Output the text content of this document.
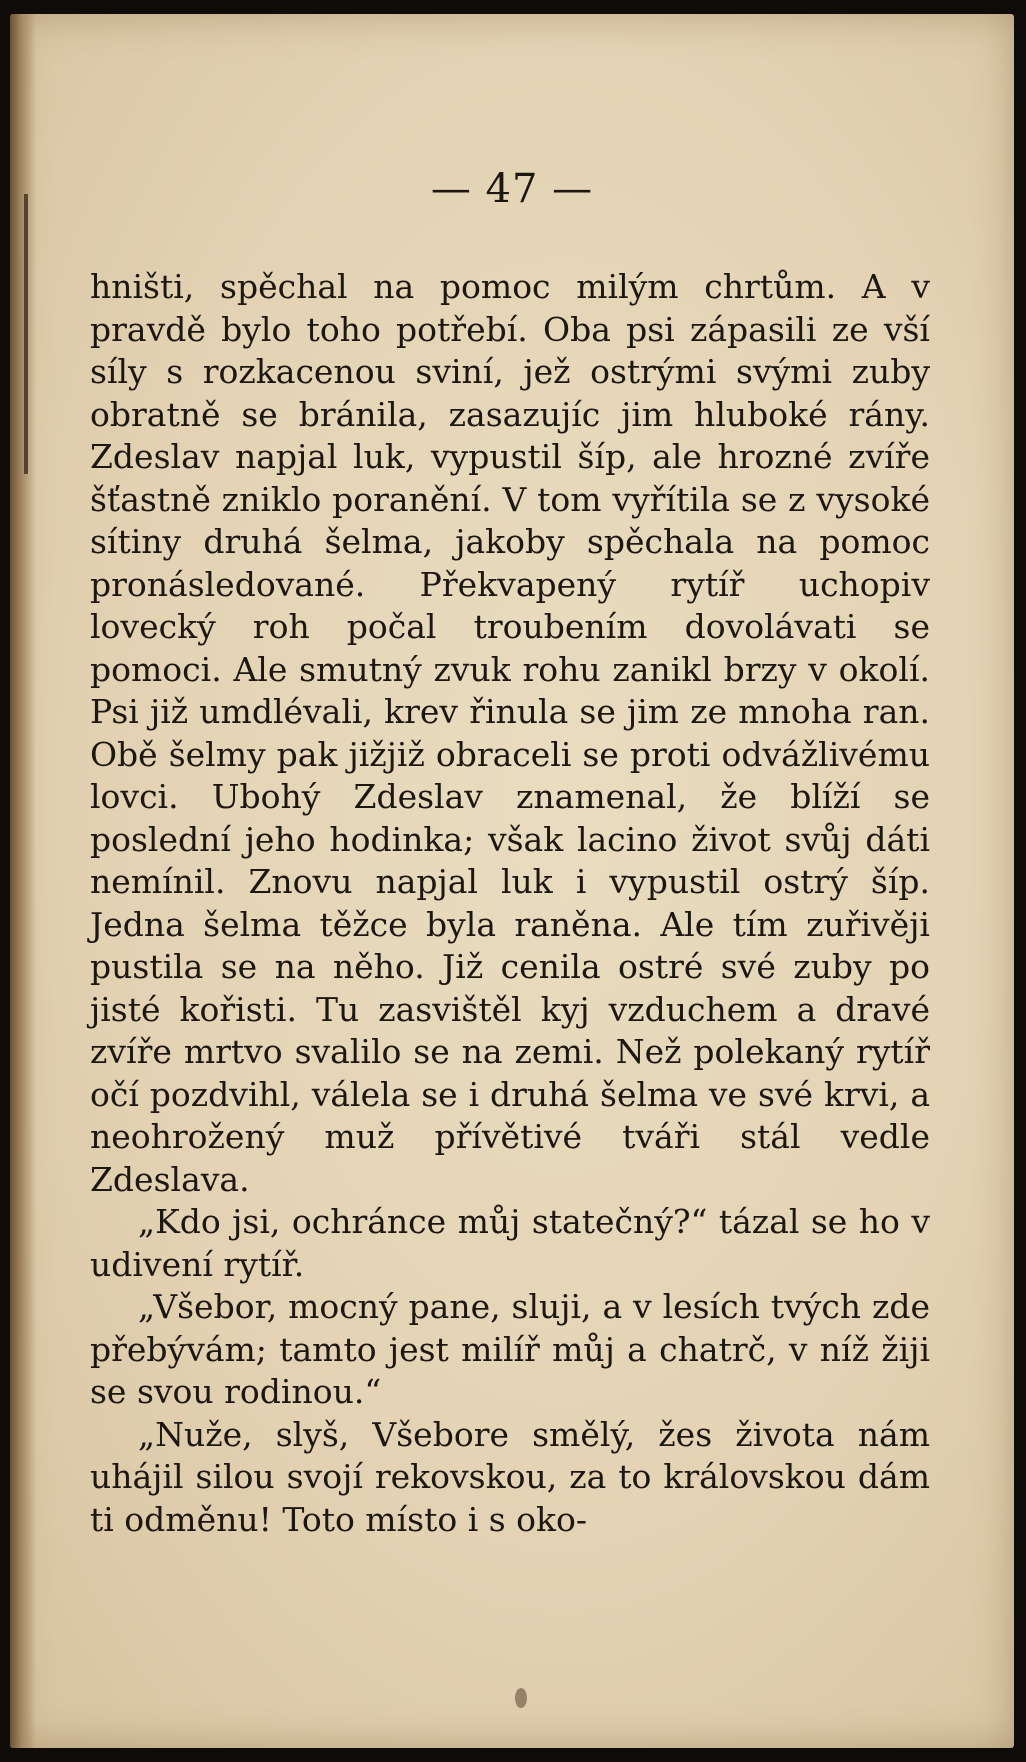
— 47 —

hništi, spěchal na pomoc milým chrtům. A v pravdě bylo toho potřebí. Oba psi zápasili ze vší síly s rozkacenou sviní, jež ostrými svými zuby obratně se bránila, zasazujíc jim hluboké rány. Zdeslav napjal luk, vypustil šíp, ale hrozné zvíře šťastně zniklo poranění. V tom vyřítila se z vysoké sítiny druhá šelma, jakoby spěchala na pomoc pronásledované. Překvapený rytíř uchopiv lovecký roh počal troubením dovolávati se pomoci. Ale smutný zvuk rohu zanikl brzy v okolí. Psi již umdlévali, krev řinula se jim ze mnoha ran. Obě šelmy pak jižjiž obraceli se proti odvážlivému lovci. Ubohý Zdeslav znamenal, že blíží se poslední jeho hodinka; však lacino život svůj dáti nemínil. Znovu napjal luk i vypustil ostrý šíp. Jedna šelma těžce byla raněna. Ale tím zuřivěji pustila se na něho. Již cenila ostré své zuby po jisté kořisti. Tu zasvištěl kyj vzduchem a dravé zvíře mrtvo svalilo se na zemi. Než polekaný rytíř očí pozdvihl, válela se i druhá šelma ve své krvi, a neohrožený muž přívětivé tváři stál vedle Zdeslava.

„Kdo jsi, ochránce můj statečný?“ tázal se ho v udivení rytíř.

„Všebor, mocný pane, sluji, a v lesích tvých zde přebývám; tamto jest milíř můj a chatrč, v níž žiji se svou rodinou.“

„Nuže, slyš, Všebore smělý, žes života nám uhájil silou svojí rekovskou, za to královskou dám ti odměnu! Toto místo i s oko-
